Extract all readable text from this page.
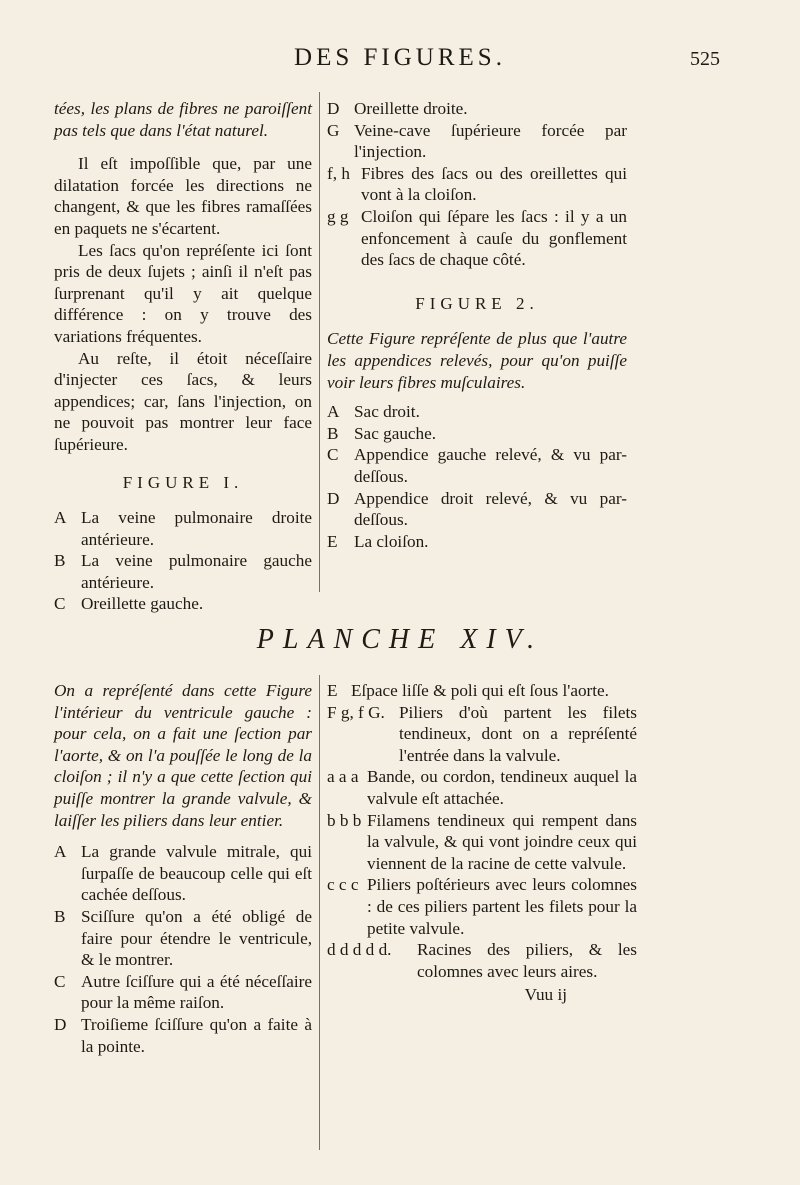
DES FIGURES.	525

tées, les plans de fibres ne paroiſſent pas tels que dans l'état naturel.

Il eſt impoſſible que, par une dilatation forcée les directions ne changent, & que les fibres ramaſſées en paquets ne s'écartent.

Les ſacs qu'on repréſente ici ſont pris de deux ſujets ; ainſi il n'eſt pas ſurprenant qu'il y ait quelque différence : on y trouve des variations fréquentes.

Au reſte, il étoit néceſſaire d'injecter ces ſacs, & leurs appendices; car, ſans l'injection, on ne pouvoit pas montrer leur face ſupérieure.

FIGURE I.
A La veine pulmonaire droite antérieure.
B La veine pulmonaire gauche antérieure.
C Oreillette gauche.
D Oreillette droite.
G Veine-cave ſupérieure forcée par l'injection.
f, h Fibres des ſacs ou des oreillettes qui vont à la cloiſon.
g g Cloiſon qui ſépare les ſacs : il y a un enfoncement à cauſe du gonflement des ſacs de chaque côté.
FIGURE 2.

Cette Figure repréſente de plus que l'autre les appendices relevés, pour qu'on puiſſe voir leurs fibres muſculaires.

A Sac droit.
B Sac gauche.
C Appendice gauche relevé, & vu par-deſſous.
D Appendice droit relevé, & vu par-deſſous.
E La cloiſon.
PLANCHE XIV.

On a repréſenté dans cette Figure l'intérieur du ventricule gauche : pour cela, on a fait une ſection par l'aorte, & on l'a pouſſée le long de la cloiſon ; il n'y a que cette ſection qui puiſſe montrer la grande valvule, & laiſſer les piliers dans leur entier.

A La grande valvule mitrale, qui ſurpaſſe de beaucoup celle qui eſt cachée deſſous.
B Sciſſure qu'on a été obligé de faire pour étendre le ventricule, & le montrer.
C Autre ſciſſure qui a été néceſſaire pour la même raiſon.
D Troiſieme ſciſſure qu'on a faite à la pointe.
E Eſpace liſſe & poli qui eſt ſous l'aorte.
F g, f G. Piliers d'où partent les filets tendineux, dont on a repréſenté l'entrée dans la valvule.
a a a Bande, ou cordon, tendineux auquel la valvule eſt attachée.
b b b Filamens tendineux qui rempent dans la valvule, & qui vont joindre ceux qui viennent de la racine de cette valvule.
c c c Piliers poſtérieurs avec leurs colomnes : de ces piliers partent les filets pour la petite valvule.
d d d d d. Racines des piliers, & les colomnes avec leurs aires.
Vuu ij
